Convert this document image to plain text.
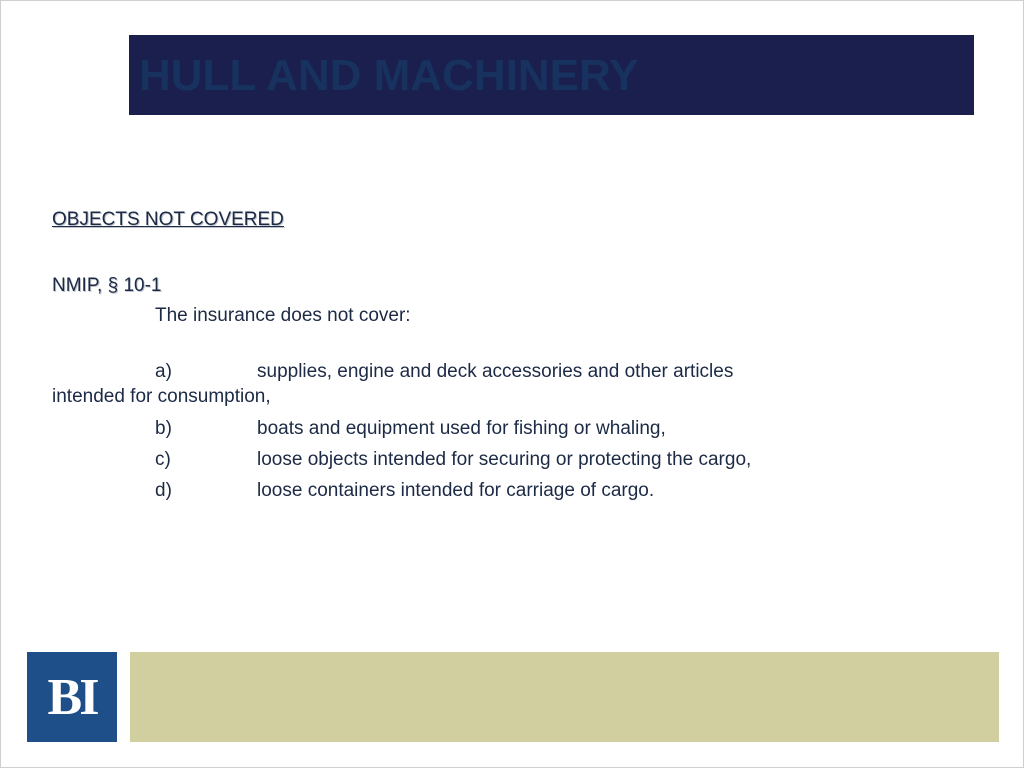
HULL AND MACHINERY
OBJECTS NOT COVERED
NMIP, § 10-1
The insurance does not cover:
a)	supplies, engine and deck accessories and other articles
intended for consumption,
b)	boats and equipment used for fishing or whaling,
c)	loose objects intended for securing or protecting the cargo,
d)	loose containers intended for carriage of cargo.
BI
